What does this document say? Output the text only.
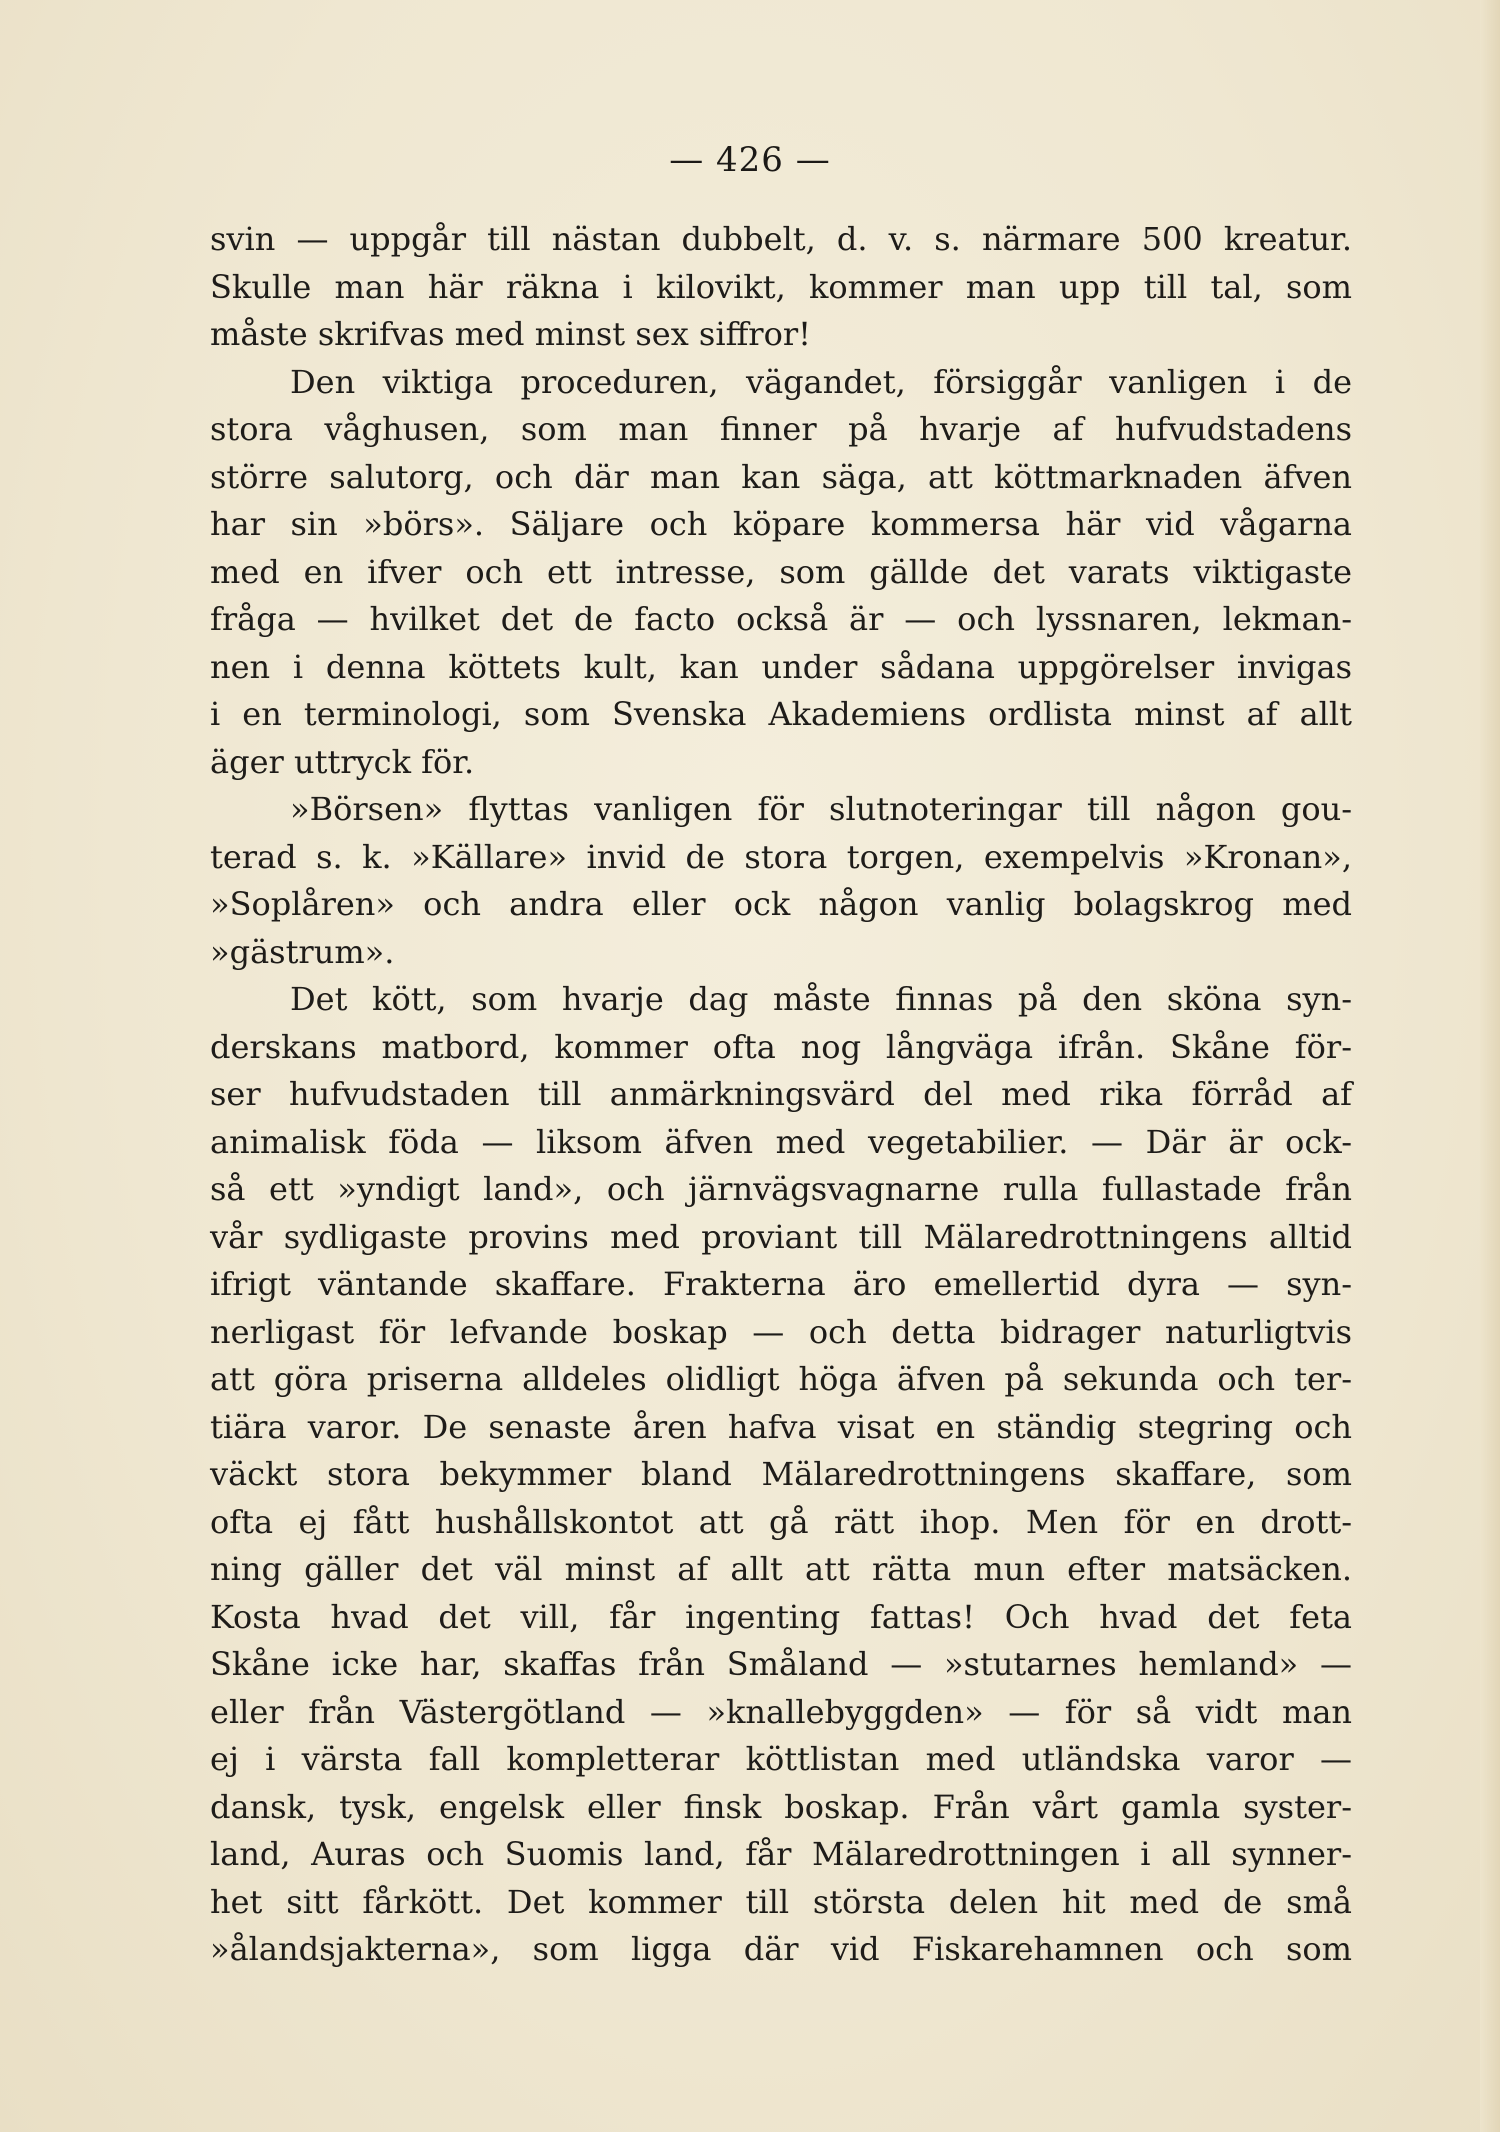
— 426 —
svin — uppgår till nästan dubbelt, d. v. s. närmare 500 kreatur.
Skulle man här räkna i kilovikt, kommer man upp till tal, som
måste skrifvas med minst sex siffror!
Den viktiga proceduren, vägandet, försiggår vanligen i de
stora våghusen, som man finner på hvarje af hufvudstadens
större salutorg, och där man kan säga, att köttmarknaden äfven
har sin »börs». Säljare och köpare kommersa här vid vågarna
med en ifver och ett intresse, som gällde det varats viktigaste
fråga — hvilket det de facto också är — och lyssnaren, lekman-
nen i denna köttets kult, kan under sådana uppgörelser invigas
i en terminologi, som Svenska Akademiens ordlista minst af allt
äger uttryck för.
»Börsen» flyttas vanligen för slutnoteringar till någon gou-
terad s. k. »Källare» invid de stora torgen, exempelvis »Kronan»,
»Soplåren» och andra eller ock någon vanlig bolagskrog med
»gästrum».
Det kött, som hvarje dag måste finnas på den sköna syn-
derskans matbord, kommer ofta nog långväga ifrån. Skåne för-
ser hufvudstaden till anmärkningsvärd del med rika förråd af
animalisk föda — liksom äfven med vegetabilier. — Där är ock-
så ett »yndigt land», och järnvägsvagnarne rulla fullastade från
vår sydligaste provins med proviant till Mälaredrottningens alltid
ifrigt väntande skaffare. Frakterna äro emellertid dyra — syn-
nerligast för lefvande boskap — och detta bidrager naturligtvis
att göra priserna alldeles olidligt höga äfven på sekunda och ter-
tiära varor. De senaste åren hafva visat en ständig stegring och
väckt stora bekymmer bland Mälaredrottningens skaffare, som
ofta ej fått hushållskontot att gå rätt ihop. Men för en drott-
ning gäller det väl minst af allt att rätta mun efter matsäcken.
Kosta hvad det vill, får ingenting fattas! Och hvad det feta
Skåne icke har, skaffas från Småland — »stutarnes hemland» —
eller från Västergötland — »knallebyggden» — för så vidt man
ej i värsta fall kompletterar köttlistan med utländska varor —
dansk, tysk, engelsk eller finsk boskap. Från vårt gamla syster-
land, Auras och Suomis land, får Mälaredrottningen i all synner-
het sitt fårkött. Det kommer till största delen hit med de små
»ålandsjakterna», som ligga där vid Fiskarehamnen och som
